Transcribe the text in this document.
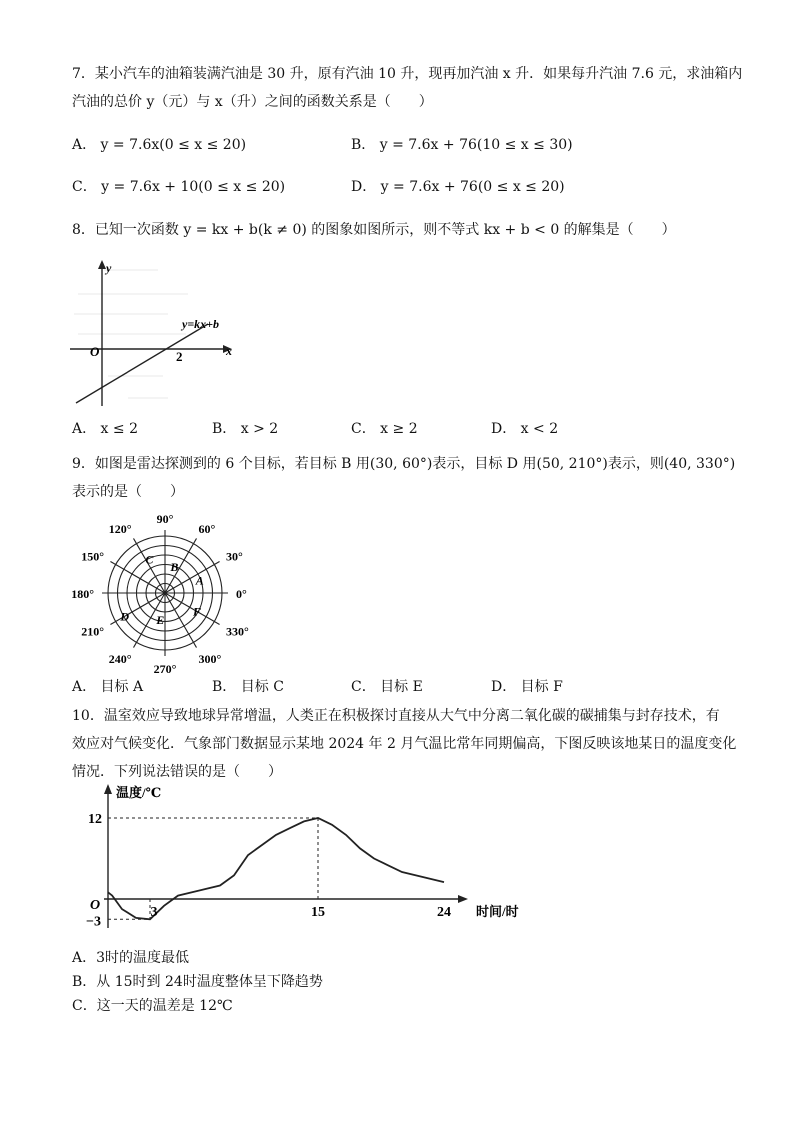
7．某小汽车的油箱装满汽油是 30 升，原有汽油 10 升，现再加汽油 x 升．如果每升汽油 7.6 元，求油箱内
汽油的总价 y（元）与 x（升）之间的函数关系是（　　）
A． y = 7.6x(0 ≤ x ≤ 20)	B． y = 7.6x + 76(10 ≤ x ≤ 30)
C． y = 7.6x + 10(0 ≤ x ≤ 20)	D． y = 7.6x + 76(0 ≤ x ≤ 20)
8．已知一次函数 y = kx + b(k ≠ 0) 的图象如图所示，则不等式 kx + b < 0 的解集是（　　）
y
x
O	2
y=kx+b
A． x ≤ 2	B． x > 2	C． x ≥ 2	D． x < 2
9．如图是雷达探测到的 6 个目标，若目标 B 用(30, 60°)表示，目标 D 用(50, 210°)表示，则(40, 330°)
表示的是（　　）
0°
30°
60°
90°
120°
150°
180°
210°
240°
270°
300°
330°
A
B
C
D E
F
A． 目标 A	B． 目标 C	C． 目标 E	D． 目标 F
10．温室效应导致地球异常增温，人类正在积极探讨直接从大气中分离二氧化碳的碳捕集与封存技术，有
效应对气候变化．气象部门数据显示某地 2024 年 2 月气温比常年同期偏高，下图反映该地某日的温度变化
情况．下列说法错误的是（　　）
温度/℃
时间/时
12
O
−3
3	15	24
A．3时的温度最低
B．从 15时到 24时温度整体呈下降趋势
C．这一天的温差是 12℃
